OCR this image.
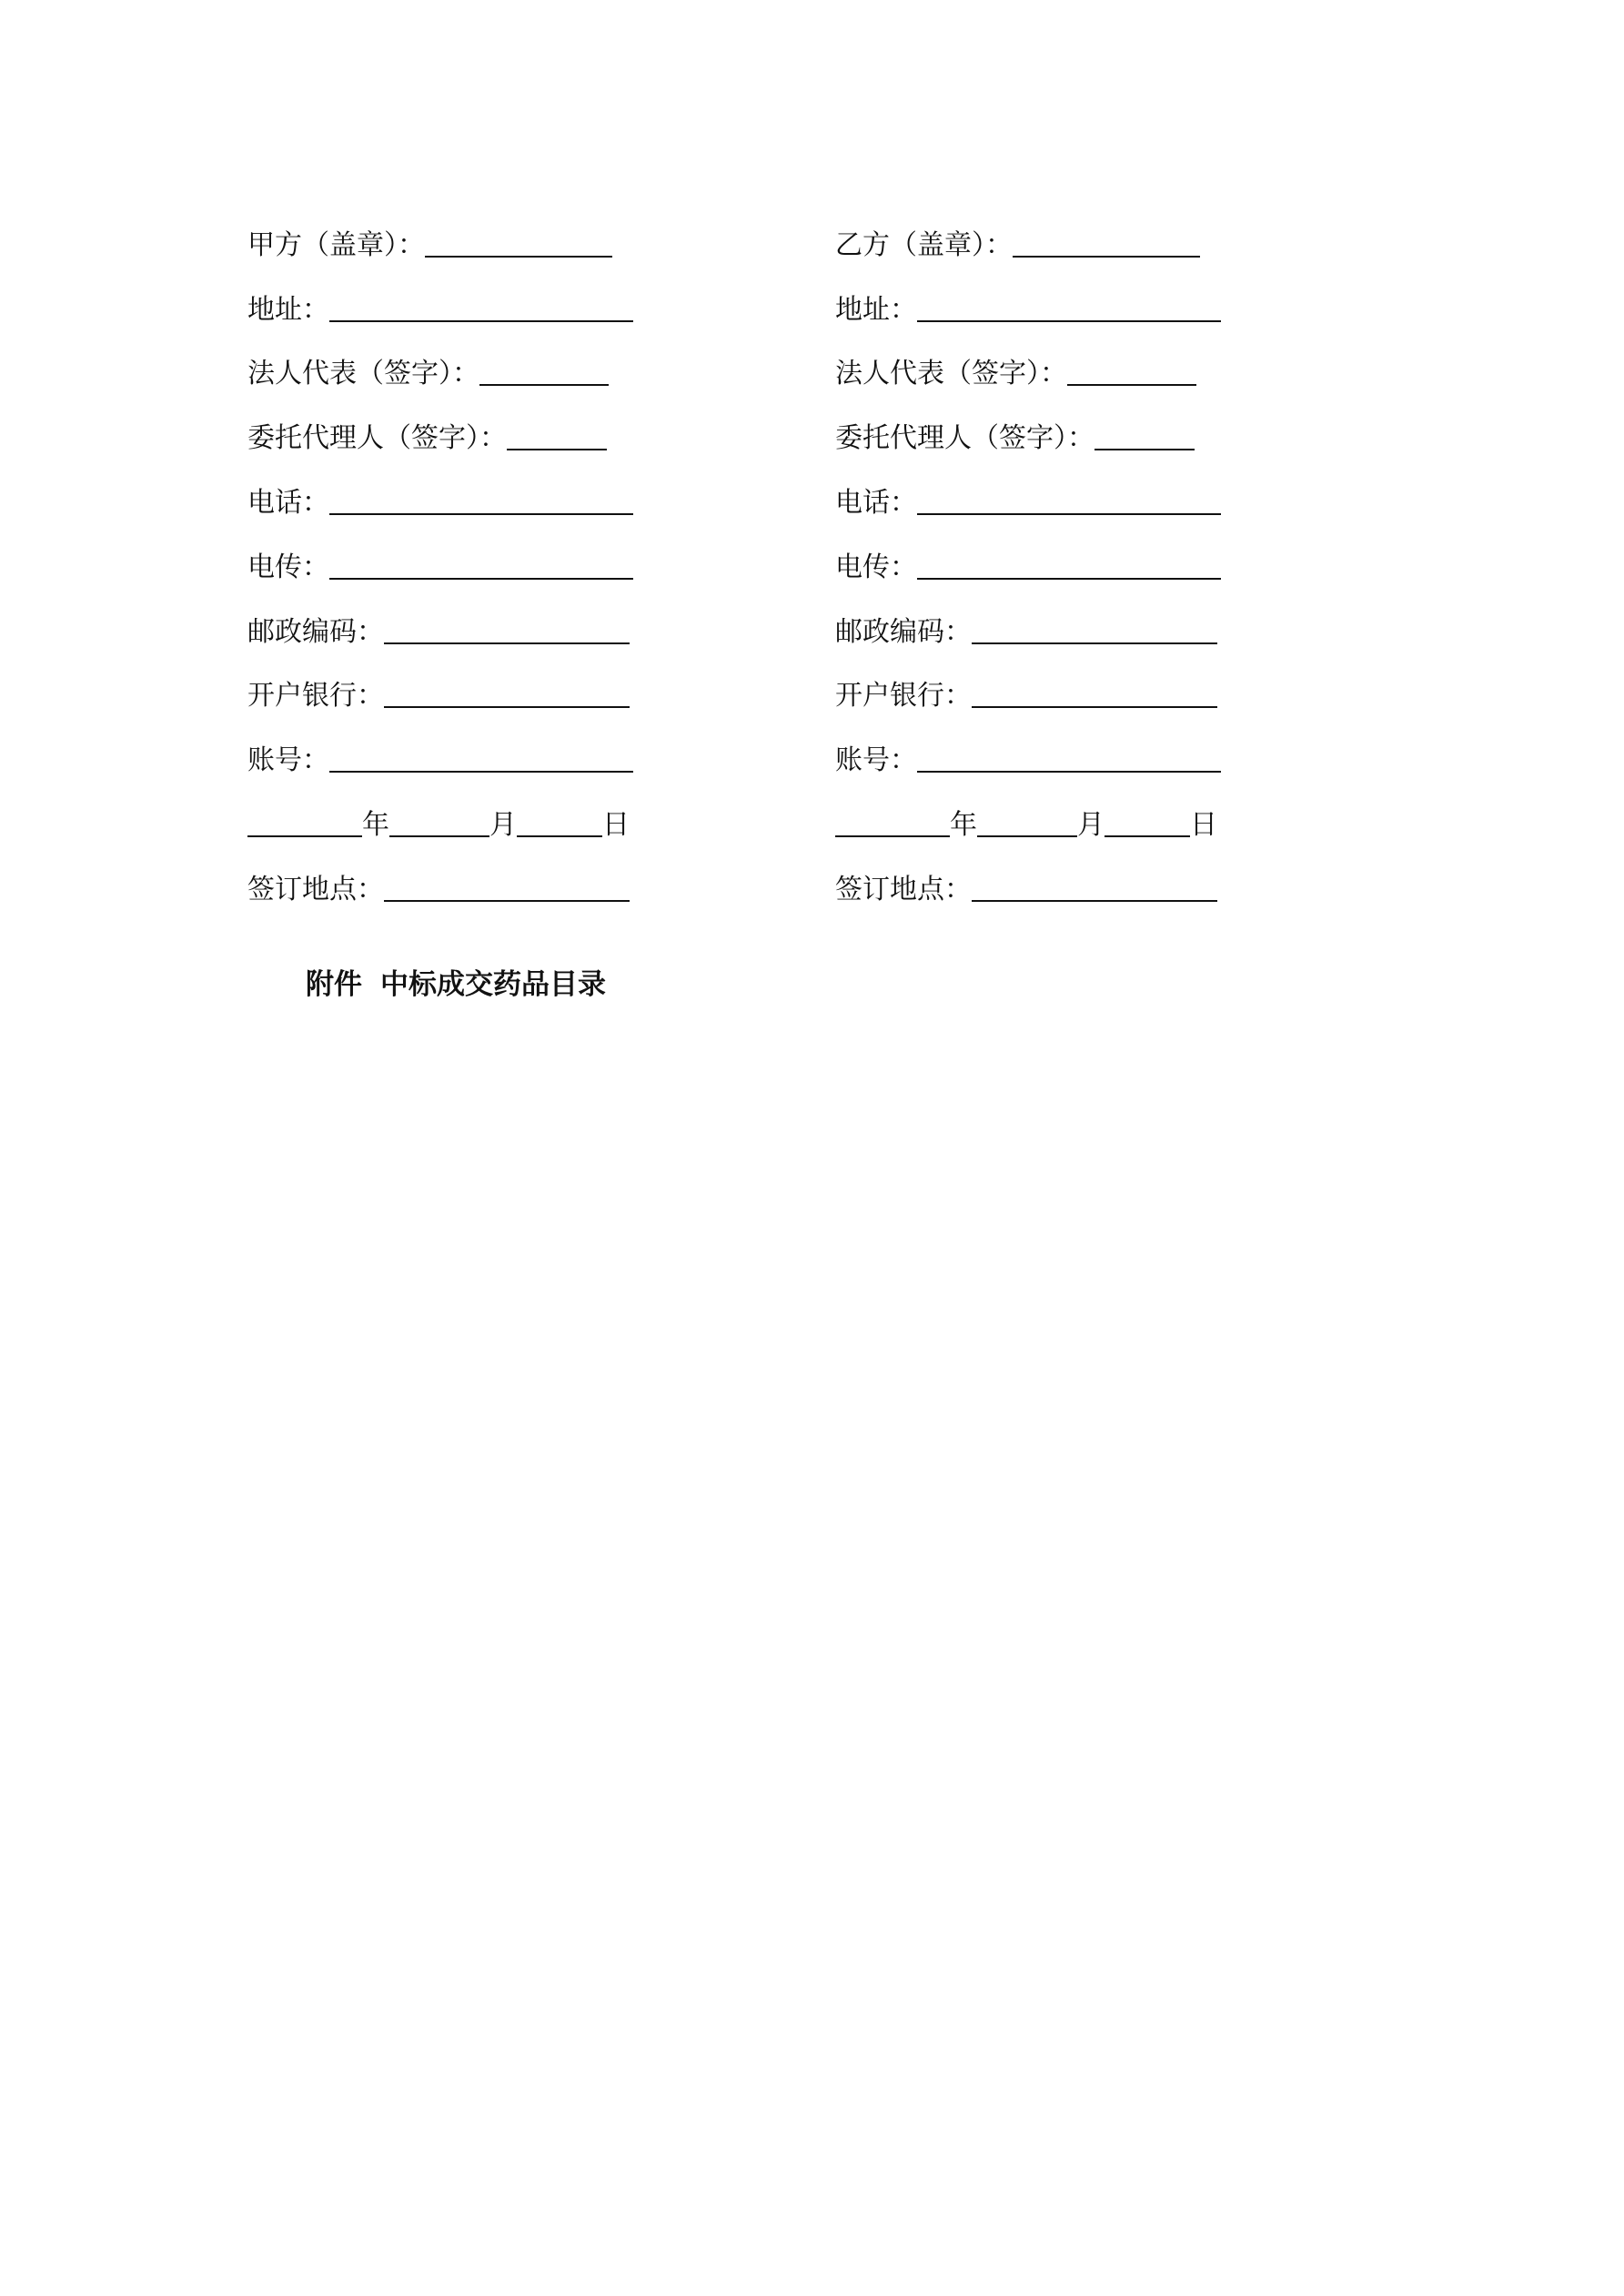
甲方（盖章）：
地址：
法人代表（签字）：
委托代理人（签字）：
电话：
电传：
邮政编码：
开户银行：
账号：
年	月	日
签订地点：
乙方（盖章）：
地址：
法人代表（签字）：
委托代理人（签字）：
电话：
电传：
邮政编码：
开户银行：
账号：
年	月	日
签订地点：
附件 中标成交药品目录
